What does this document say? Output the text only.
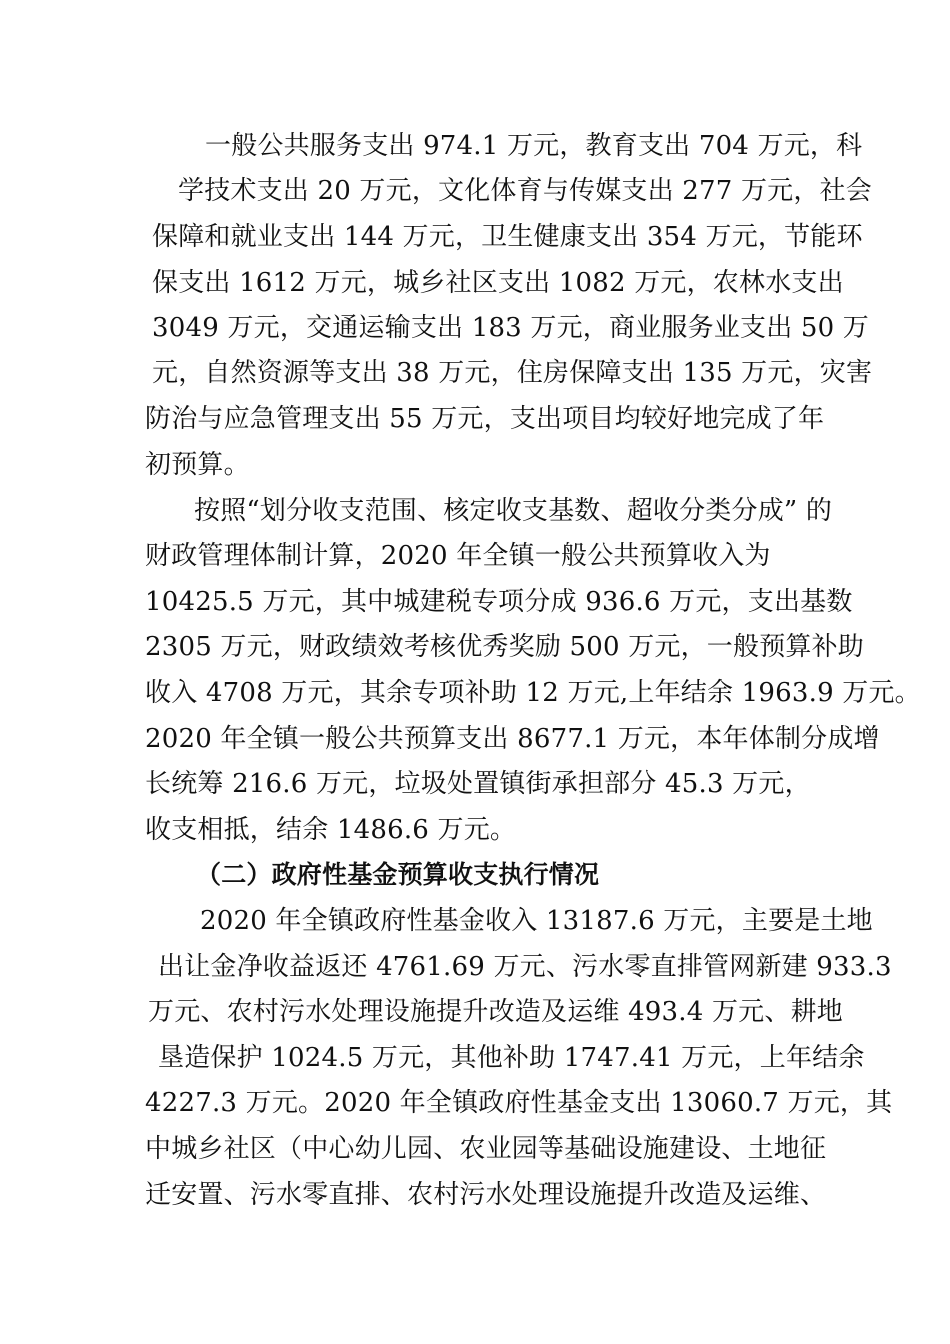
一般公共服务支出 974.1 万元，教育支出 704 万元，科
学技术支出 20 万元，文化体育与传媒支出 277 万元，社会
保障和就业支出 144 万元，卫生健康支出 354 万元，节能环
保支出 1612 万元，城乡社区支出 1082 万元，农林水支出
3049 万元，交通运输支出 183 万元，商业服务业支出 50 万
元，自然资源等支出 38 万元，住房保障支出 135 万元，灾害
防治与应急管理支出 55 万元，支出项目均较好地完成了年
初预算。
按照“划分收支范围、核定收支基数、超收分类分成” 的
财政管理体制计算，2020 年全镇一般公共预算收入为
10425.5 万元，其中城建税专项分成 936.6 万元，支出基数
2305 万元，财政绩效考核优秀奖励 500 万元，一般预算补助
收入 4708 万元，其余专项补助 12 万元,上年结余 1963.9 万元。
2020 年全镇一般公共预算支出 8677.1 万元，本年体制分成增
长统筹 216.6 万元，垃圾处置镇街承担部分 45.3 万元，
收支相抵，结余 1486.6 万元。
（二）政府性基金预算收支执行情况
2020 年全镇政府性基金收入 13187.6 万元，主要是土地
出让金净收益返还 4761.69 万元、污水零直排管网新建 933.3
万元、农村污水处理设施提升改造及运维 493.4 万元、耕地
垦造保护 1024.5 万元，其他补助 1747.41 万元，上年结余
4227.3 万元。2020 年全镇政府性基金支出 13060.7 万元，其
中城乡社区（中心幼儿园、农业园等基础设施建设、土地征
迁安置、污水零直排、农村污水处理设施提升改造及运维、
